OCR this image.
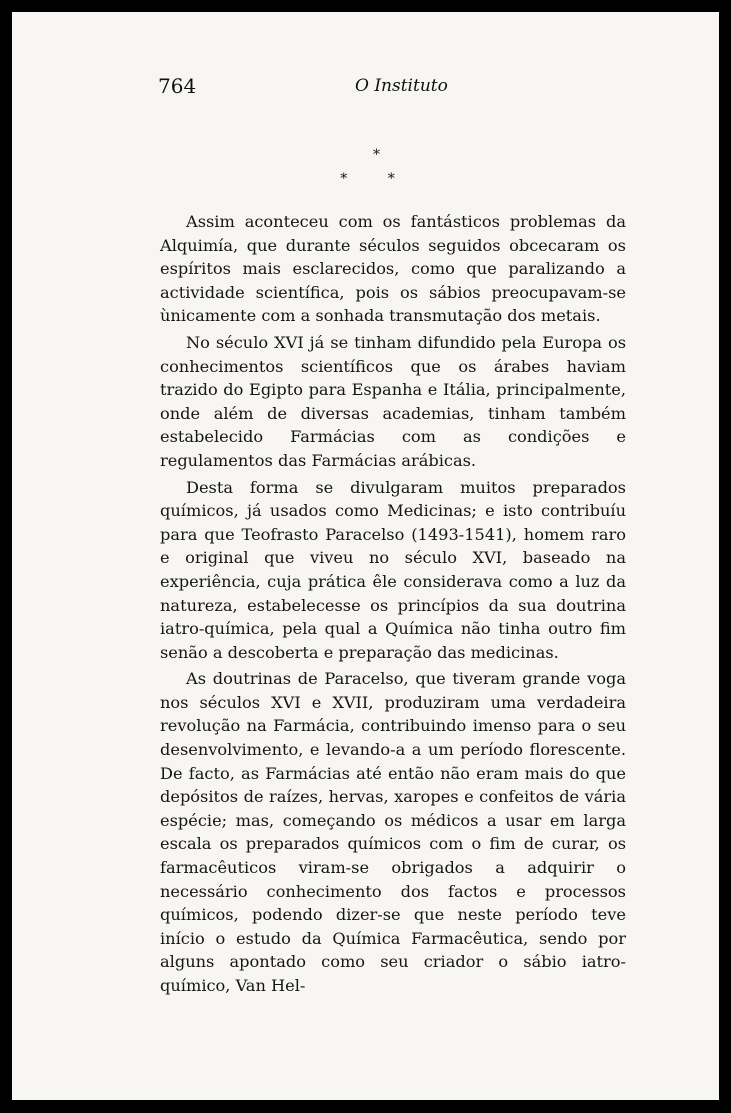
764	O Instituto
*
* *

Assim aconteceu com os fantásticos problemas da Alquimía, que durante séculos seguidos obcecaram os espíritos mais esclarecidos, como que paralizando a actividade scientífica, pois os sábios preocupavam-se ùnicamente com a sonhada transmutação dos metais.

No século XVI já se tinham difundido pela Europa os conhecimentos scientíficos que os árabes haviam trazido do Egipto para Espanha e Itália, principalmente, onde além de diversas academias, tinham também estabelecido Farmácias com as condições e regulamentos das Farmácias arábicas.

Desta forma se divulgaram muitos preparados químicos, já usados como Medicinas; e isto contribuíu para que Teofrasto Paracelso (1493-1541), homem raro e original que viveu no século XVI, baseado na experiência, cuja prática êle considerava como a luz da natureza, estabelecesse os princípios da sua doutrina iatro-química, pela qual a Química não tinha outro fim senão a descoberta e preparação das medicinas.

As doutrinas de Paracelso, que tiveram grande voga nos séculos XVI e XVII, produziram uma verdadeira revolução na Farmácia, contribuindo imenso para o seu desenvolvimento, e levando-a a um período florescente. De facto, as Farmácias até então não eram mais do que depósitos de raízes, hervas, xaropes e confeitos de vária espécie; mas, começando os médicos a usar em larga escala os preparados químicos com o fim de curar, os farmacêuticos viram-se obrigados a adquirir o necessário conhecimento dos factos e processos químicos, podendo dizer-se que neste período teve início o estudo da Química Farmacêutica, sendo por alguns apontado como seu criador o sábio iatro-químico, Van Hel-
